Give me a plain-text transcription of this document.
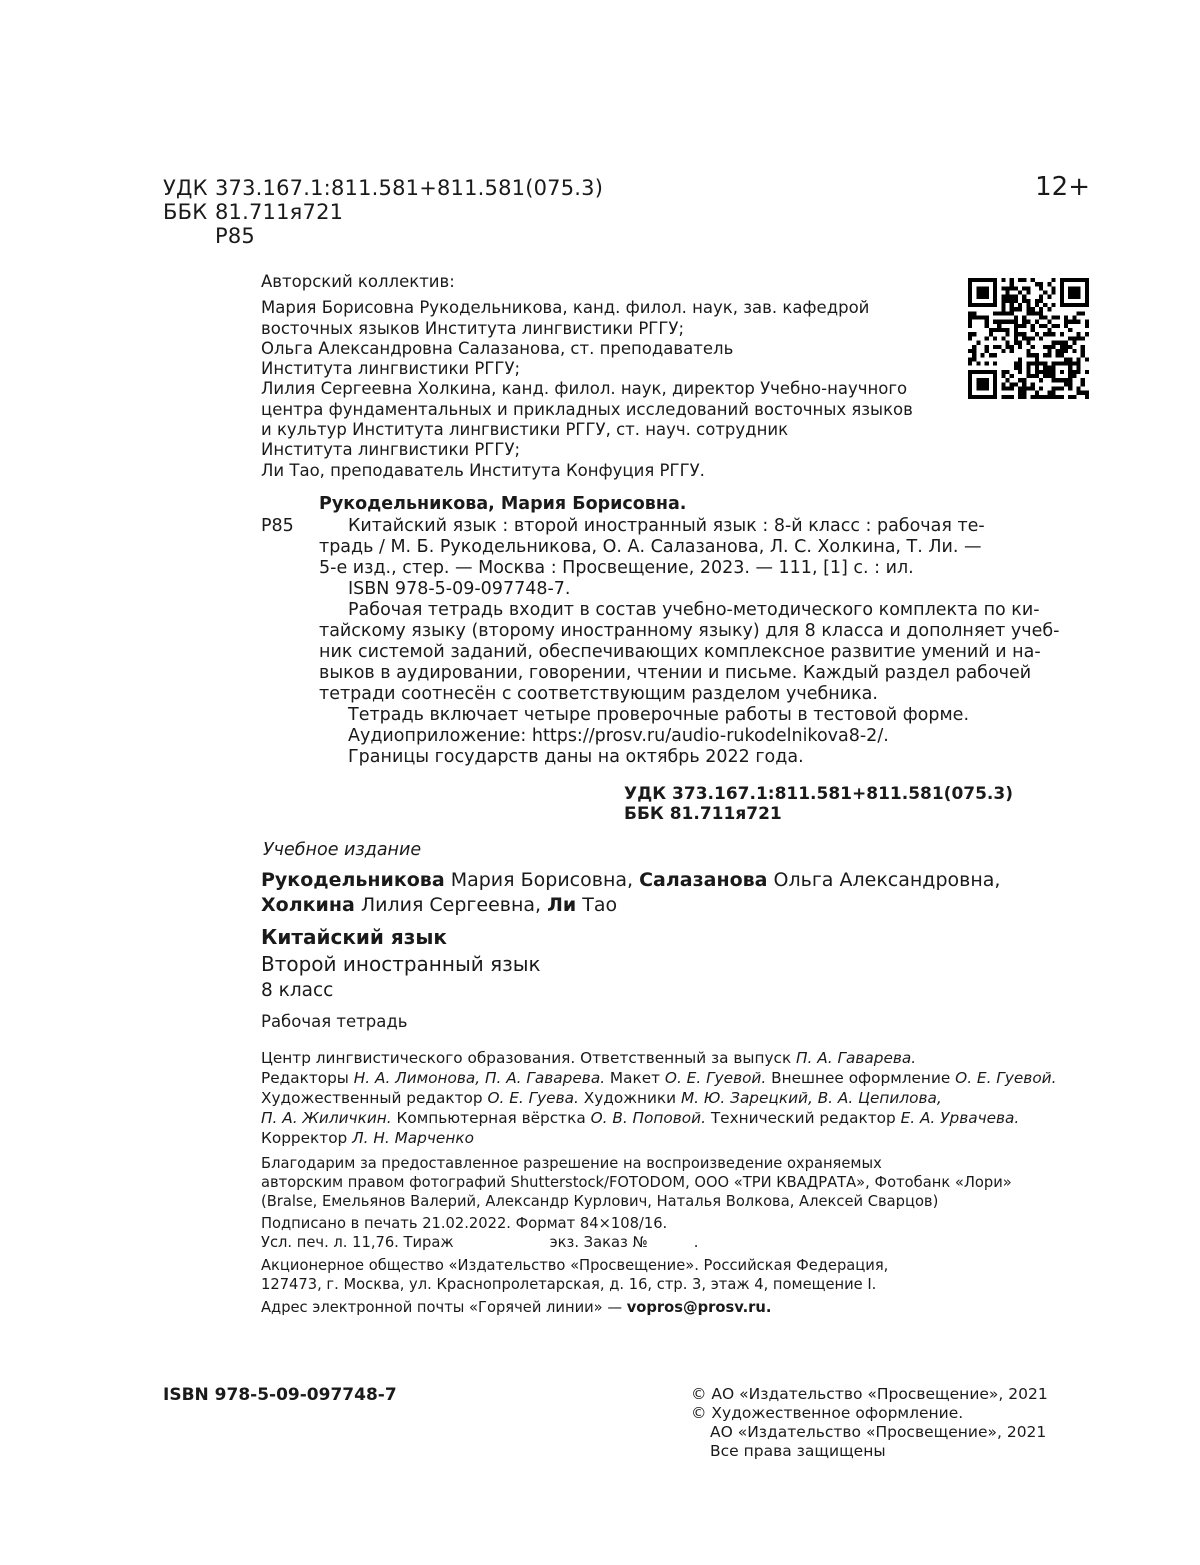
УДК 373.167.1:811.581+811.581(075.3)
ББК 81.711я721
Р85
12+
Авторский коллектив:
Мария Борисовна Рукодельникова, канд. филол. наук, зав. кафедрой
восточных языков Института лингвистики РГГУ;
Ольга Александровна Салазанова, ст. преподаватель
Института лингвистики РГГУ;
Лилия Сергеевна Холкина, канд. филол. наук, директор Учебно-научного
центра фундаментальных и прикладных исследований восточных языков
и культур Института лингвистики РГГУ, ст. науч. сотрудник
Института лингвистики РГГУ;
Ли Тао, преподаватель Института Конфуция РГГУ.
Рукодельникова, Мария Борисовна.
Р85	Китайский язык : второй иностранный язык : 8-й класс : рабочая те-
традь / М. Б. Рукодельникова, О. А. Салазанова, Л. С. Холкина, Т. Ли. —
5-е изд., стер. — Москва : Просвещение, 2023. — 111, [1] с. : ил.
ISBN 978-5-09-097748-7.
Рабочая тетрадь входит в состав учебно-методического комплекта по ки-
тайскому языку (второму иностранному языку) для 8 класса и дополняет учеб-
ник системой заданий, обеспечивающих комплексное развитие умений и на-
выков в аудировании, говорении, чтении и письме. Каждый раздел рабочей
тетради соотнесён с соответствующим разделом учебника.
Тетрадь включает четыре проверочные работы в тестовой форме.
Аудиоприложение: https://prosv.ru/audio-rukodelnikova8-2/.
Границы государств даны на октябрь 2022 года.
УДК 373.167.1:811.581+811.581(075.3)
ББК 81.711я721
Учебное издание
Рукодельникова Мария Борисовна, Салазанова Ольга Александровна,
Холкина Лилия Сергеевна, Ли Тао
Китайский язык
Второй иностранный язык
8 класс
Рабочая тетрадь
Центр лингвистического образования. Ответственный за выпуск П. А. Гаварева.
Редакторы Н. А. Лимонова, П. А. Гаварева. Макет О. Е. Гуевой. Внешнее оформление О. Е. Гуевой.
Художественный редактор О. Е. Гуева. Художники М. Ю. Зарецкий, В. А. Цепилова,
П. А. Жиличкин. Компьютерная вёрстка О. В. Поповой. Технический редактор Е. А. Урвачева.
Корректор Л. Н. Марченко
Благодарим за предоставленное разрешение на воспроизведение охраняемых
авторским правом фотографий Shutterstock/FOTODOM, ООО «ТРИ КВАДРАТА», Фотобанк «Лори»
(Bralse, Емельянов Валерий, Александр Курлович, Наталья Волкова, Алексей Сварцов)
Подписано в печать 21.02.2022. Формат 84×108/16.
Усл. печ. л. 11,76. Тираж	экз. Заказ №	.
Акционерное общество «Издательство «Просвещение». Российская Федерация,
127473, г. Москва, ул. Краснопролетарская, д. 16, стр. 3, этаж 4, помещение I.
Адрес электронной почты «Горячей линии» — vopros@prosv.ru.
ISBN 978-5-09-097748-7	© АО «Издательство «Просвещение», 2021
© Художественное оформление.
АО «Издательство «Просвещение», 2021
Все права защищены
